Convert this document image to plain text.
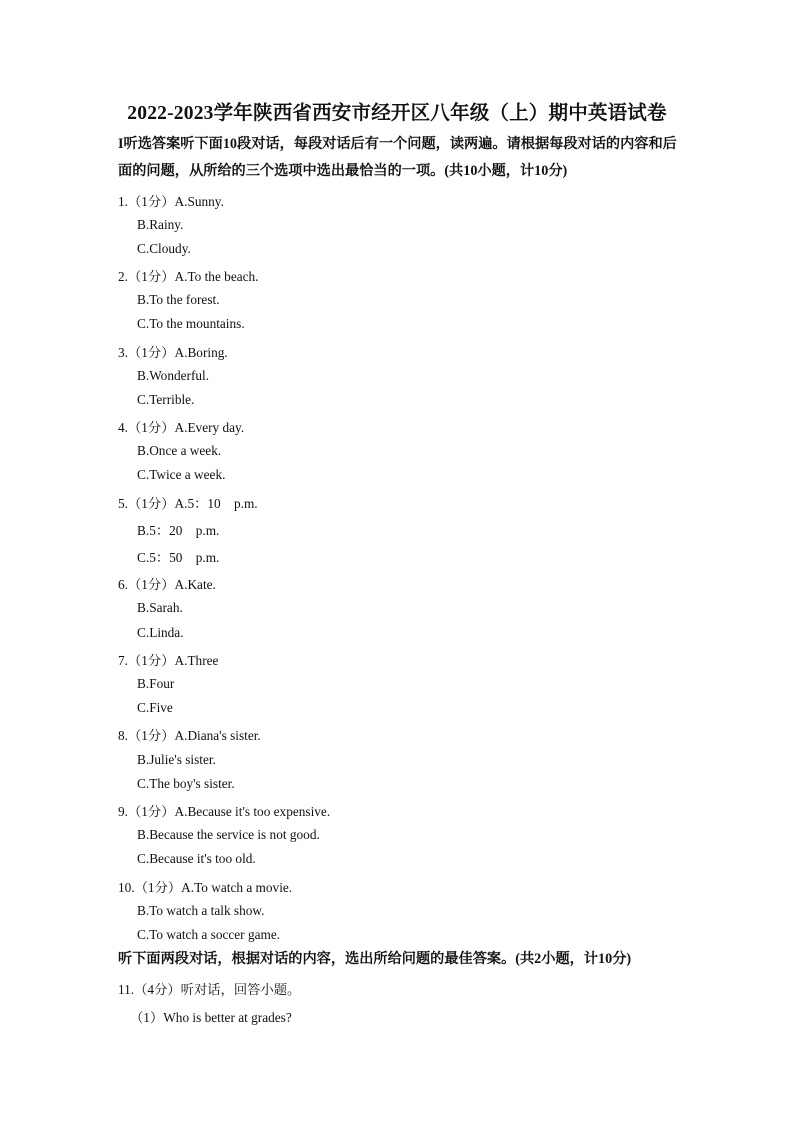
2022-2023学年陕西省西安市经开区八年级（上）期中英语试卷
I听选答案听下面10段对话，每段对话后有一个问题，读两遍。请根据每段对话的内容和后面的问题，从所给的三个选项中选出最恰当的一项。(共10小题，计10分)
1.（1分）A.Sunny.
B.Rainy.
C.Cloudy.
2.（1分）A.To the beach.
B.To the forest.
C.To the mountains.
3.（1分）A.Boring.
B.Wonderful.
C.Terrible.
4.（1分）A.Every day.
B.Once a week.
C.Twice a week.
5.（1分）A.5：10　p.m.
B.5：20　p.m.
C.5：50　p.m.
6.（1分）A.Kate.
B.Sarah.
C.Linda.
7.（1分）A.Three
B.Four
C.Five
8.（1分）A.Diana's sister.
B.Julie's sister.
C.The boy's sister.
9.（1分）A.Because it's too expensive.
B.Because the service is not good.
C.Because it's too old.
10.（1分）A.To watch a movie.
B.To watch a talk show.
C.To watch a soccer game.
听下面两段对话，根据对话的内容，选出所给问题的最佳答案。(共2小题，计10分)
11.（4分）听对话，回答小题。
（1）Who is better at grades?
